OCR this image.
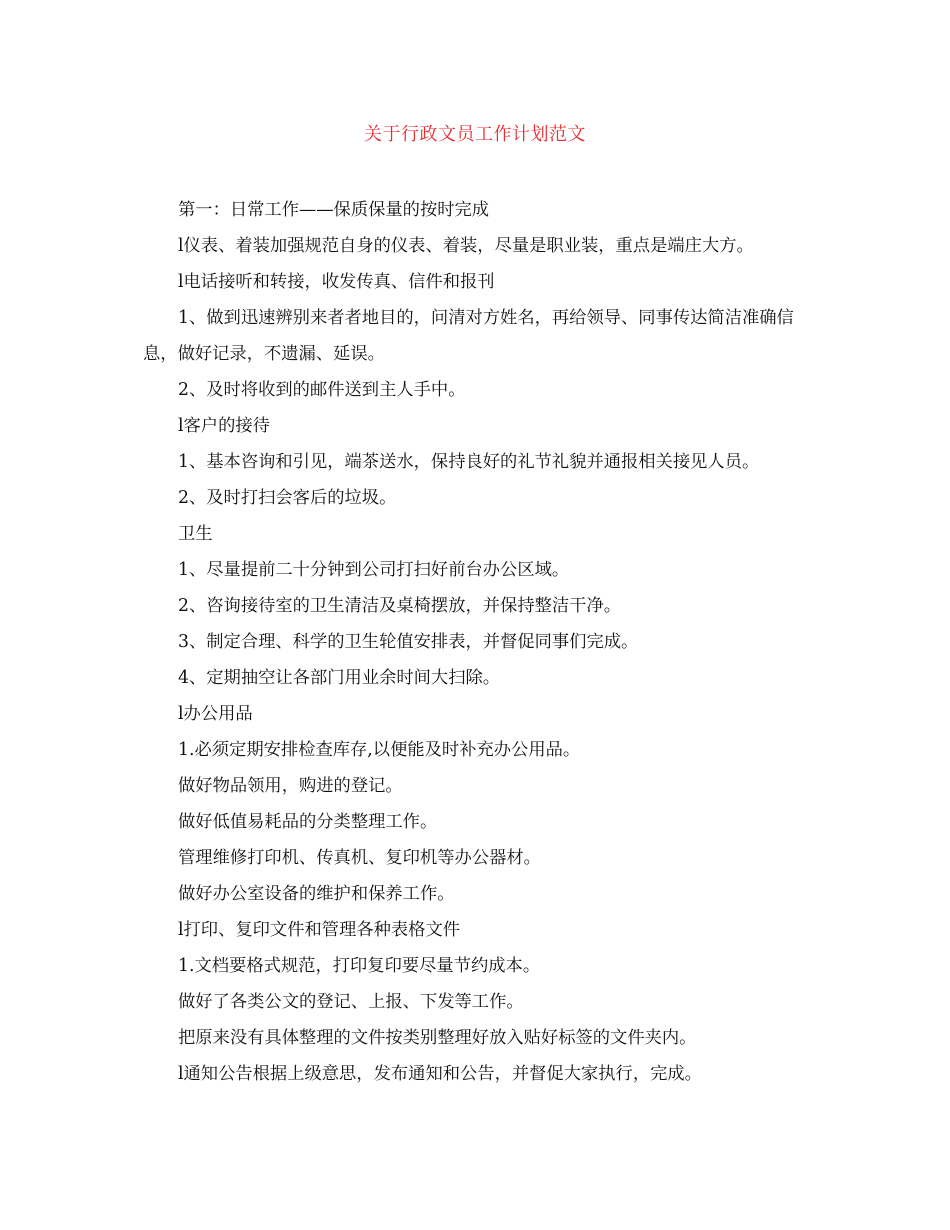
关于行政文员工作计划范文

第一：日常工作——保质保量的按时完成

l仪表、着装加强规范自身的仪表、着装，尽量是职业装，重点是端庄大方。

l电话接听和转接，收发传真、信件和报刊

1、做到迅速辨别来者者地目的，问清对方姓名，再给领导、同事传达简洁准确信息，做好记录，不遗漏、延误。

2、及时将收到的邮件送到主人手中。

l客户的接待

1、基本咨询和引见，端茶送水，保持良好的礼节礼貌并通报相关接见人员。

2、及时打扫会客后的垃圾。

卫生

1、尽量提前二十分钟到公司打扫好前台办公区域。

2、咨询接待室的卫生清洁及桌椅摆放，并保持整洁干净。

3、制定合理、科学的卫生轮值安排表，并督促同事们完成。

4、定期抽空让各部门用业余时间大扫除。

l办公用品

1.必须定期安排检查库存,以便能及时补充办公用品。

做好物品领用，购进的登记。

做好低值易耗品的分类整理工作。

管理维修打印机、传真机、复印机等办公器材。

做好办公室设备的维护和保养工作。

l打印、复印文件和管理各种表格文件

1.文档要格式规范，打印复印要尽量节约成本。

做好了各类公文的登记、上报、下发等工作。

把原来没有具体整理的文件按类别整理好放入贴好标签的文件夹内。

l通知公告根据上级意思，发布通知和公告，并督促大家执行，完成。
